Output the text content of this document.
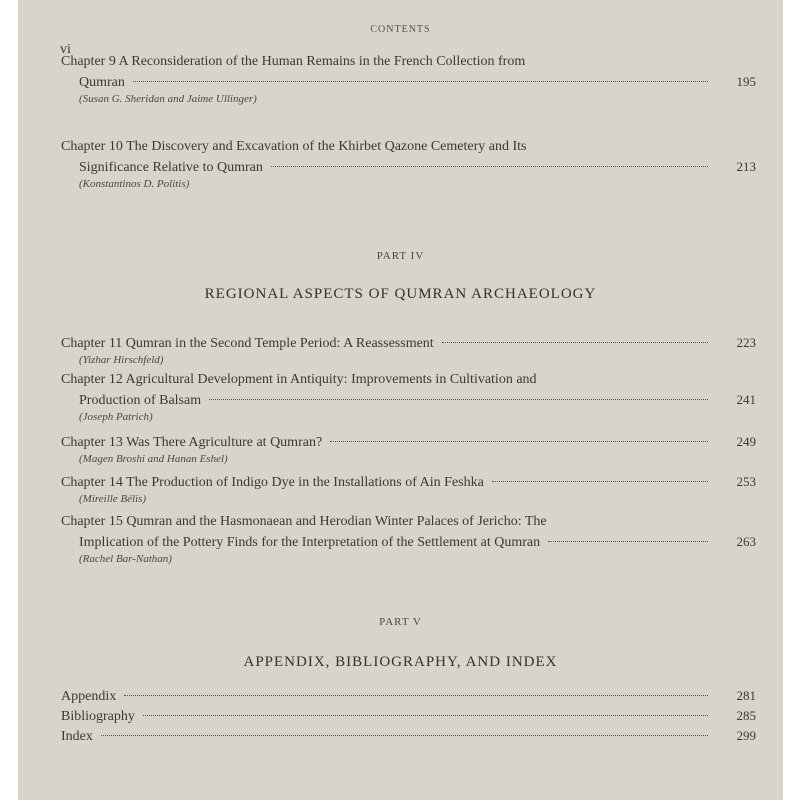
CONTENTS
vi
Chapter 9 A Reconsideration of the Human Remains in the French Collection from
Qumran	195
(Susan G. Sheridan and Jaime Ullinger)
Chapter 10 The Discovery and Excavation of the Khirbet Qazone Cemetery and Its
Significance Relative to Qumran	213
(Konstantinos D. Politis)
PART IV
REGIONAL ASPECTS OF QUMRAN ARCHAEOLOGY
Chapter 11 Qumran in the Second Temple Period: A Reassessment	223
(Yizhar Hirschfeld)
Chapter 12 Agricultural Development in Antiquity: Improvements in Cultivation and
Production of Balsam	241
(Joseph Patrich)
Chapter 13 Was There Agriculture at Qumran?	249
(Magen Broshi and Hanan Eshel)
Chapter 14 The Production of Indigo Dye in the Installations of Ain Feshka	253
(Mireille Bélis)
Chapter 15 Qumran and the Hasmonaean and Herodian Winter Palaces of Jericho: The
Implication of the Pottery Finds for the Interpretation of the Settlement at Qumran	263
(Rachel Bar-Nathan)
PART V
APPENDIX, BIBLIOGRAPHY, AND INDEX
Appendix	281
Bibliography	285
Index	299
